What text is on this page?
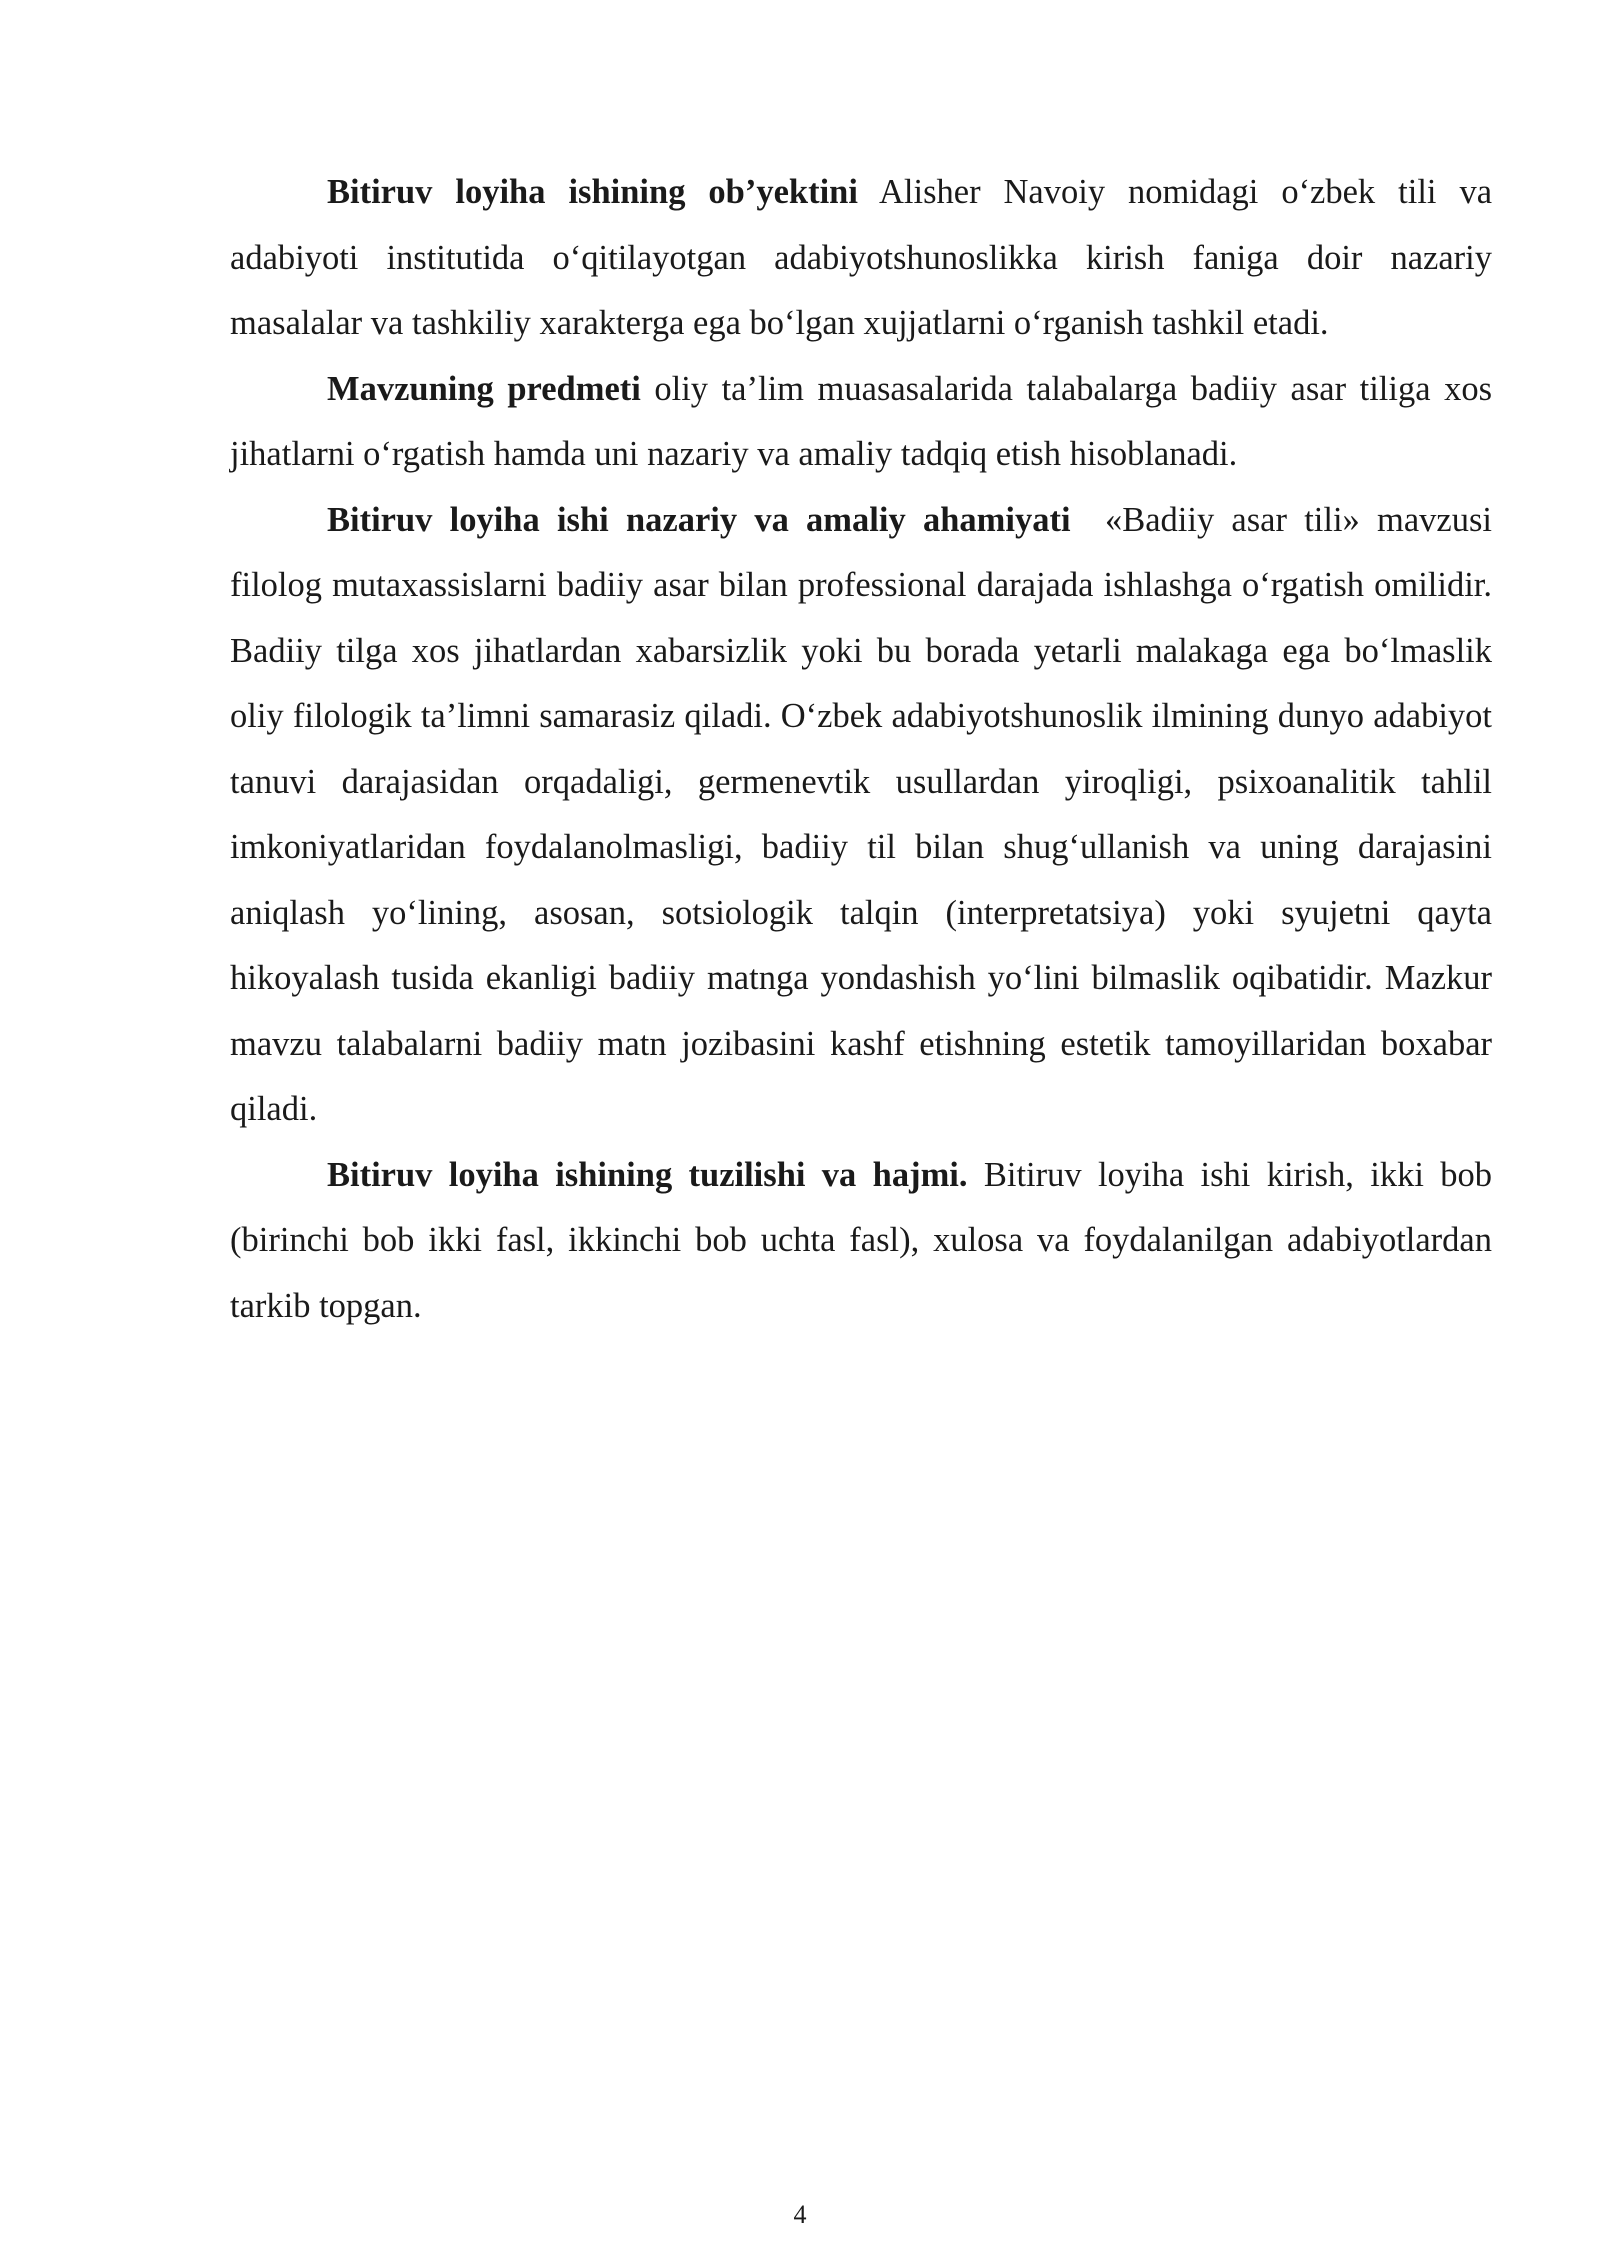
Bitiruv loyiha ishining ob’yektini Alisher Navoiy nomidagi o‘zbek tili va adabiyoti institutida o‘qitilayotgan adabiyotshunoslikka kirish faniga doir nazariy masalalar va tashkiliy xarakterga ega bo‘lgan xujjatlarni o‘rganish tashkil etadi.

Mavzuning predmeti oliy ta’lim muasasalarida talabalarga badiiy asar tiliga xos jihatlarni o‘rgatish hamda uni nazariy va amaliy tadqiq etish hisoblanadi.

Bitiruv loyiha ishi nazariy va amaliy ahamiyati  «Badiiy asar tili» mavzusi filolog mutaxassislarni badiiy asar bilan professional darajada ishlashga o‘rgatish omilidir. Badiiy tilga xos jihatlardan xabarsizlik yoki bu borada yetarli malakaga ega bo‘lmaslik oliy filologik ta’limni samarasiz qiladi. O‘zbek adabiyotshunoslik ilmining dunyo adabiyot tanuvi darajasidan orqadaligi, germenevtik usullardan yiroqligi, psixoanalitik tahlil imkoniyatlaridan foydalanolmasligi, badiiy til bilan shug‘ullanish va uning darajasini aniqlash yo‘lining, asosan, sotsiologik talqin (interpretatsiya) yoki syujetni qayta hikoyalash tusida ekanligi badiiy matnga yondashish yo‘lini bilmaslik oqibatidir. Mazkur mavzu talabalarni badiiy matn jozibasini kashf etishning estetik tamoyillaridan boxabar qiladi.

Bitiruv loyiha ishining tuzilishi va hajmi. Bitiruv loyiha ishi kirish, ikki bob (birinchi bob ikki fasl, ikkinchi bob uchta fasl), xulosa va foydalanilgan adabiyotlardan tarkib topgan.

4
